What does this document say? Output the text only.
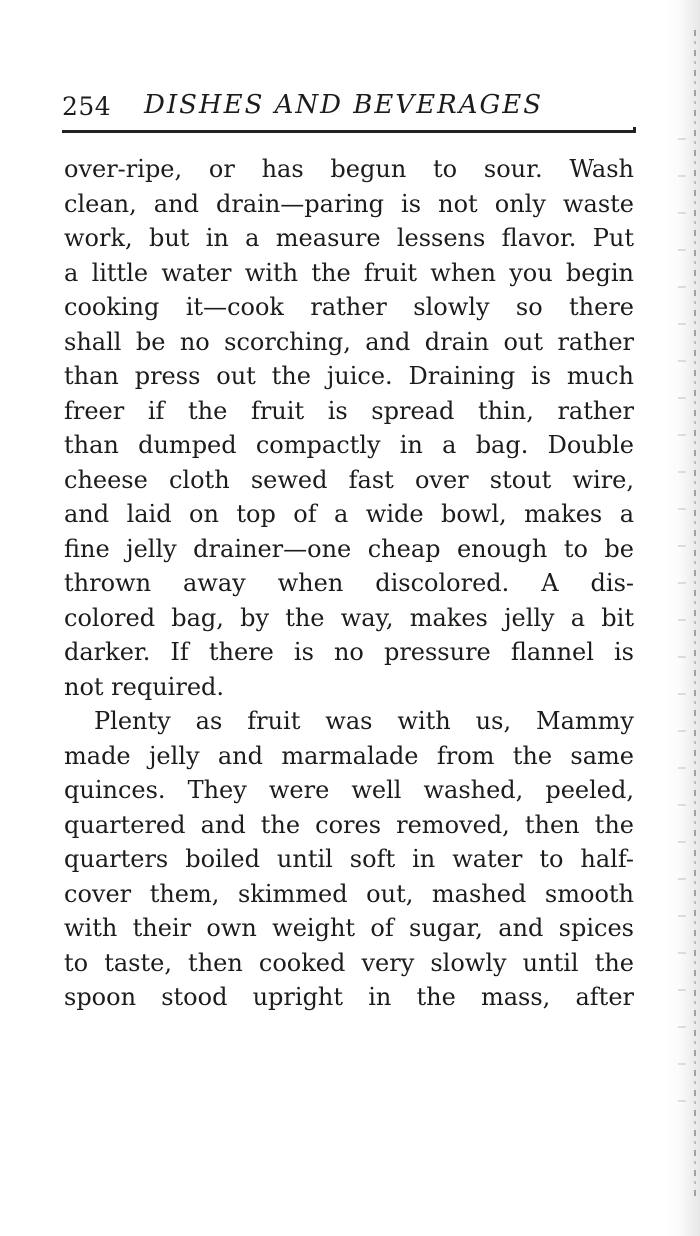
254 DISHES AND BEVERAGES
over-ripe, or has begun to sour. Wash
clean, and drain—paring is not only waste
work, but in a measure lessens flavor. Put
a little water with the fruit when you begin
cooking it—cook rather slowly so there
shall be no scorching, and drain out rather
than press out the juice. Draining is much
freer if the fruit is spread thin, rather
than dumped compactly in a bag. Double
cheese cloth sewed fast over stout wire,
and laid on top of a wide bowl, makes a
fine jelly drainer—one cheap enough to be
thrown away when discolored. A dis-
colored bag, by the way, makes jelly a bit
darker. If there is no pressure flannel is
not required.
Plenty as fruit was with us, Mammy
made jelly and marmalade from the same
quinces. They were well washed, peeled,
quartered and the cores removed, then the
quarters boiled until soft in water to half-
cover them, skimmed out, mashed smooth
with their own weight of sugar, and spices
to taste, then cooked very slowly until the
spoon stood upright in the mass, after
